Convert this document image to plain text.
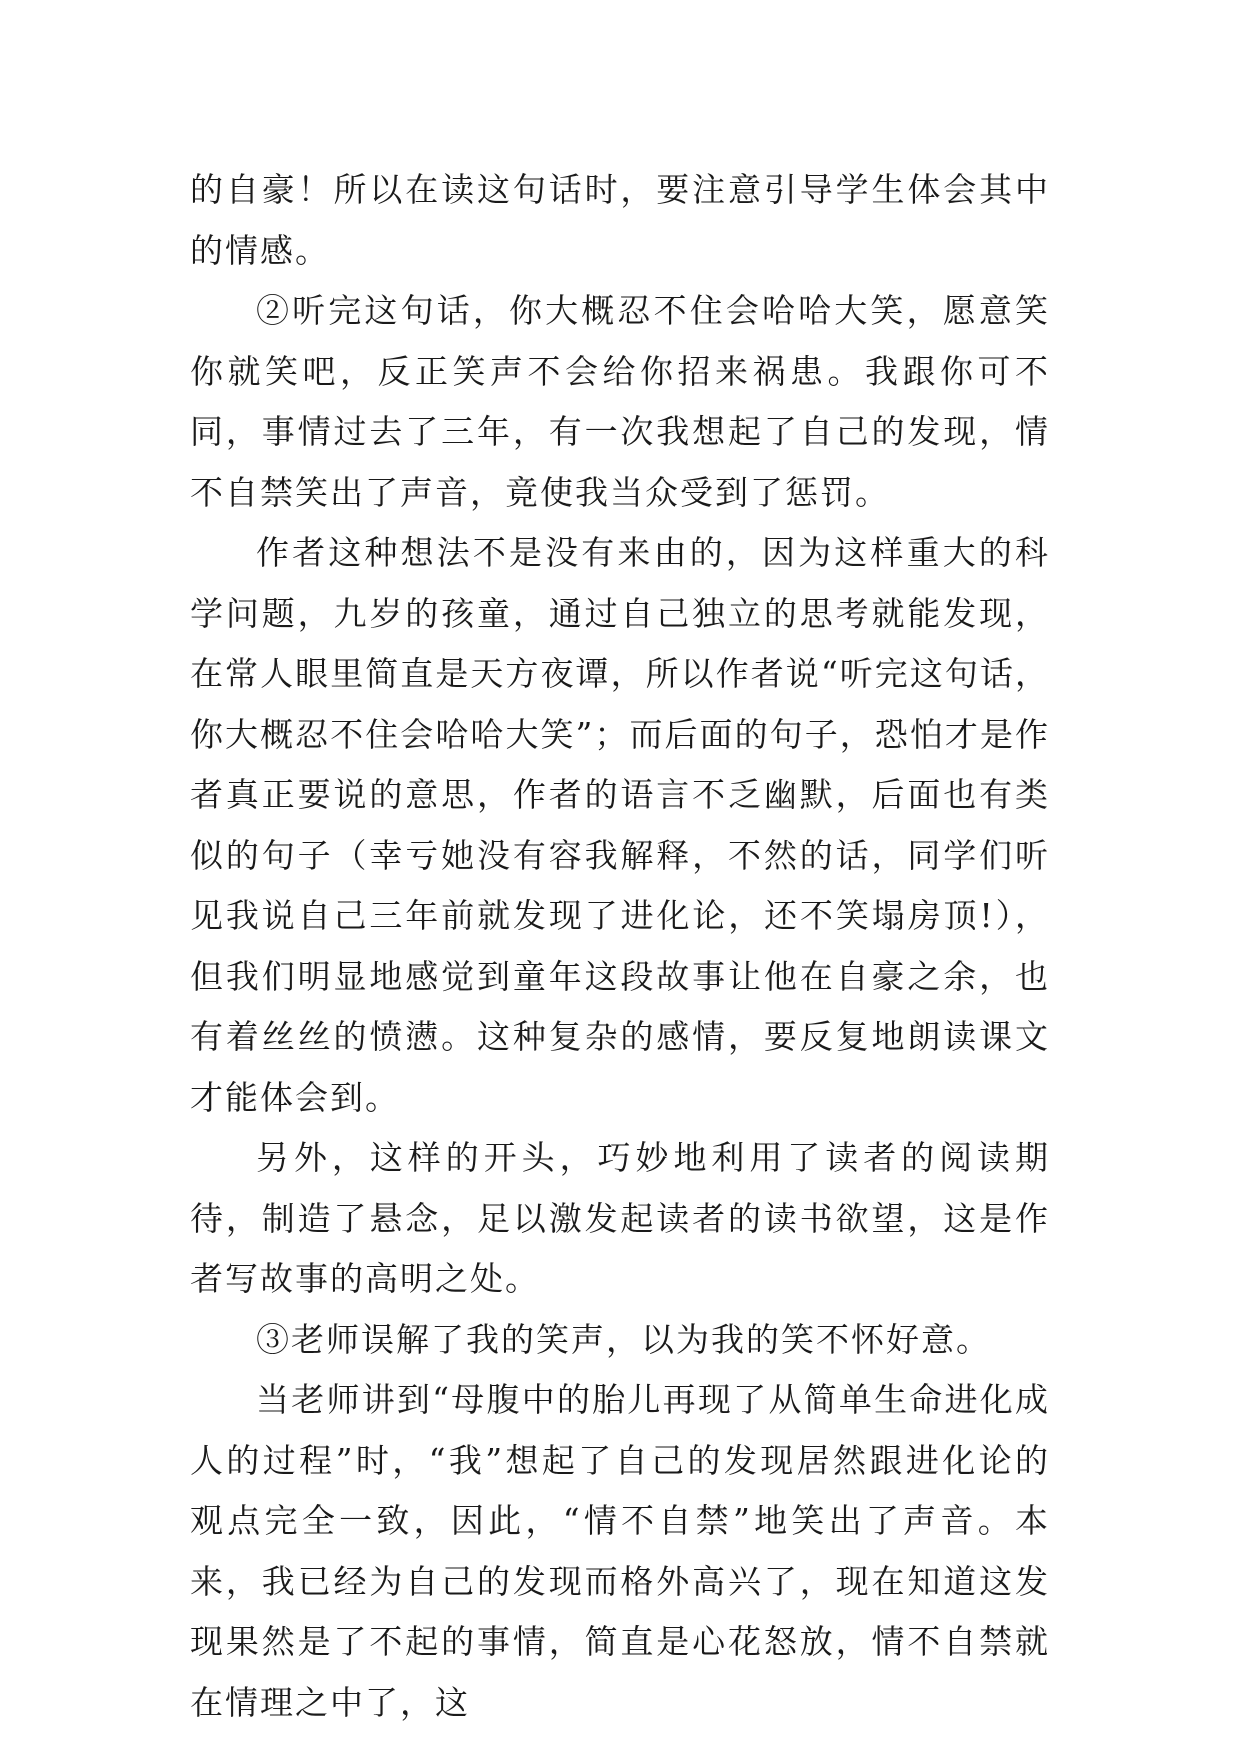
的自豪！所以在读这句话时，要注意引导学生体会其中的情感。

②听完这句话，你大概忍不住会哈哈大笑，愿意笑你就笑吧，反正笑声不会给你招来祸患。我跟你可不同，事情过去了三年，有一次我想起了自己的发现，情不自禁笑出了声音，竟使我当众受到了惩罚。

作者这种想法不是没有来由的，因为这样重大的科学问题，九岁的孩童，通过自己独立的思考就能发现，在常人眼里简直是天方夜谭，所以作者说“听完这句话，你大概忍不住会哈哈大笑”；而后面的句子，恐怕才是作者真正要说的意思，作者的语言不乏幽默，后面也有类似的句子（幸亏她没有容我解释，不然的话，同学们听见我说自己三年前就发现了进化论，还不笑塌房顶!），但我们明显地感觉到童年这段故事让他在自豪之余，也有着丝丝的愤懑。这种复杂的感情，要反复地朗读课文才能体会到。

另外，这样的开头，巧妙地利用了读者的阅读期待，制造了悬念，足以激发起读者的读书欲望，这是作者写故事的高明之处。

③老师误解了我的笑声，以为我的笑不怀好意。

当老师讲到“母腹中的胎儿再现了从简单生命进化成人的过程”时，“我”想起了自己的发现居然跟进化论的观点完全一致，因此，“情不自禁”地笑出了声音。本来，我已经为自己的发现而格外高兴了，现在知道这发现果然是了不起的事情，简直是心花怒放，情不自禁就在情理之中了，这
